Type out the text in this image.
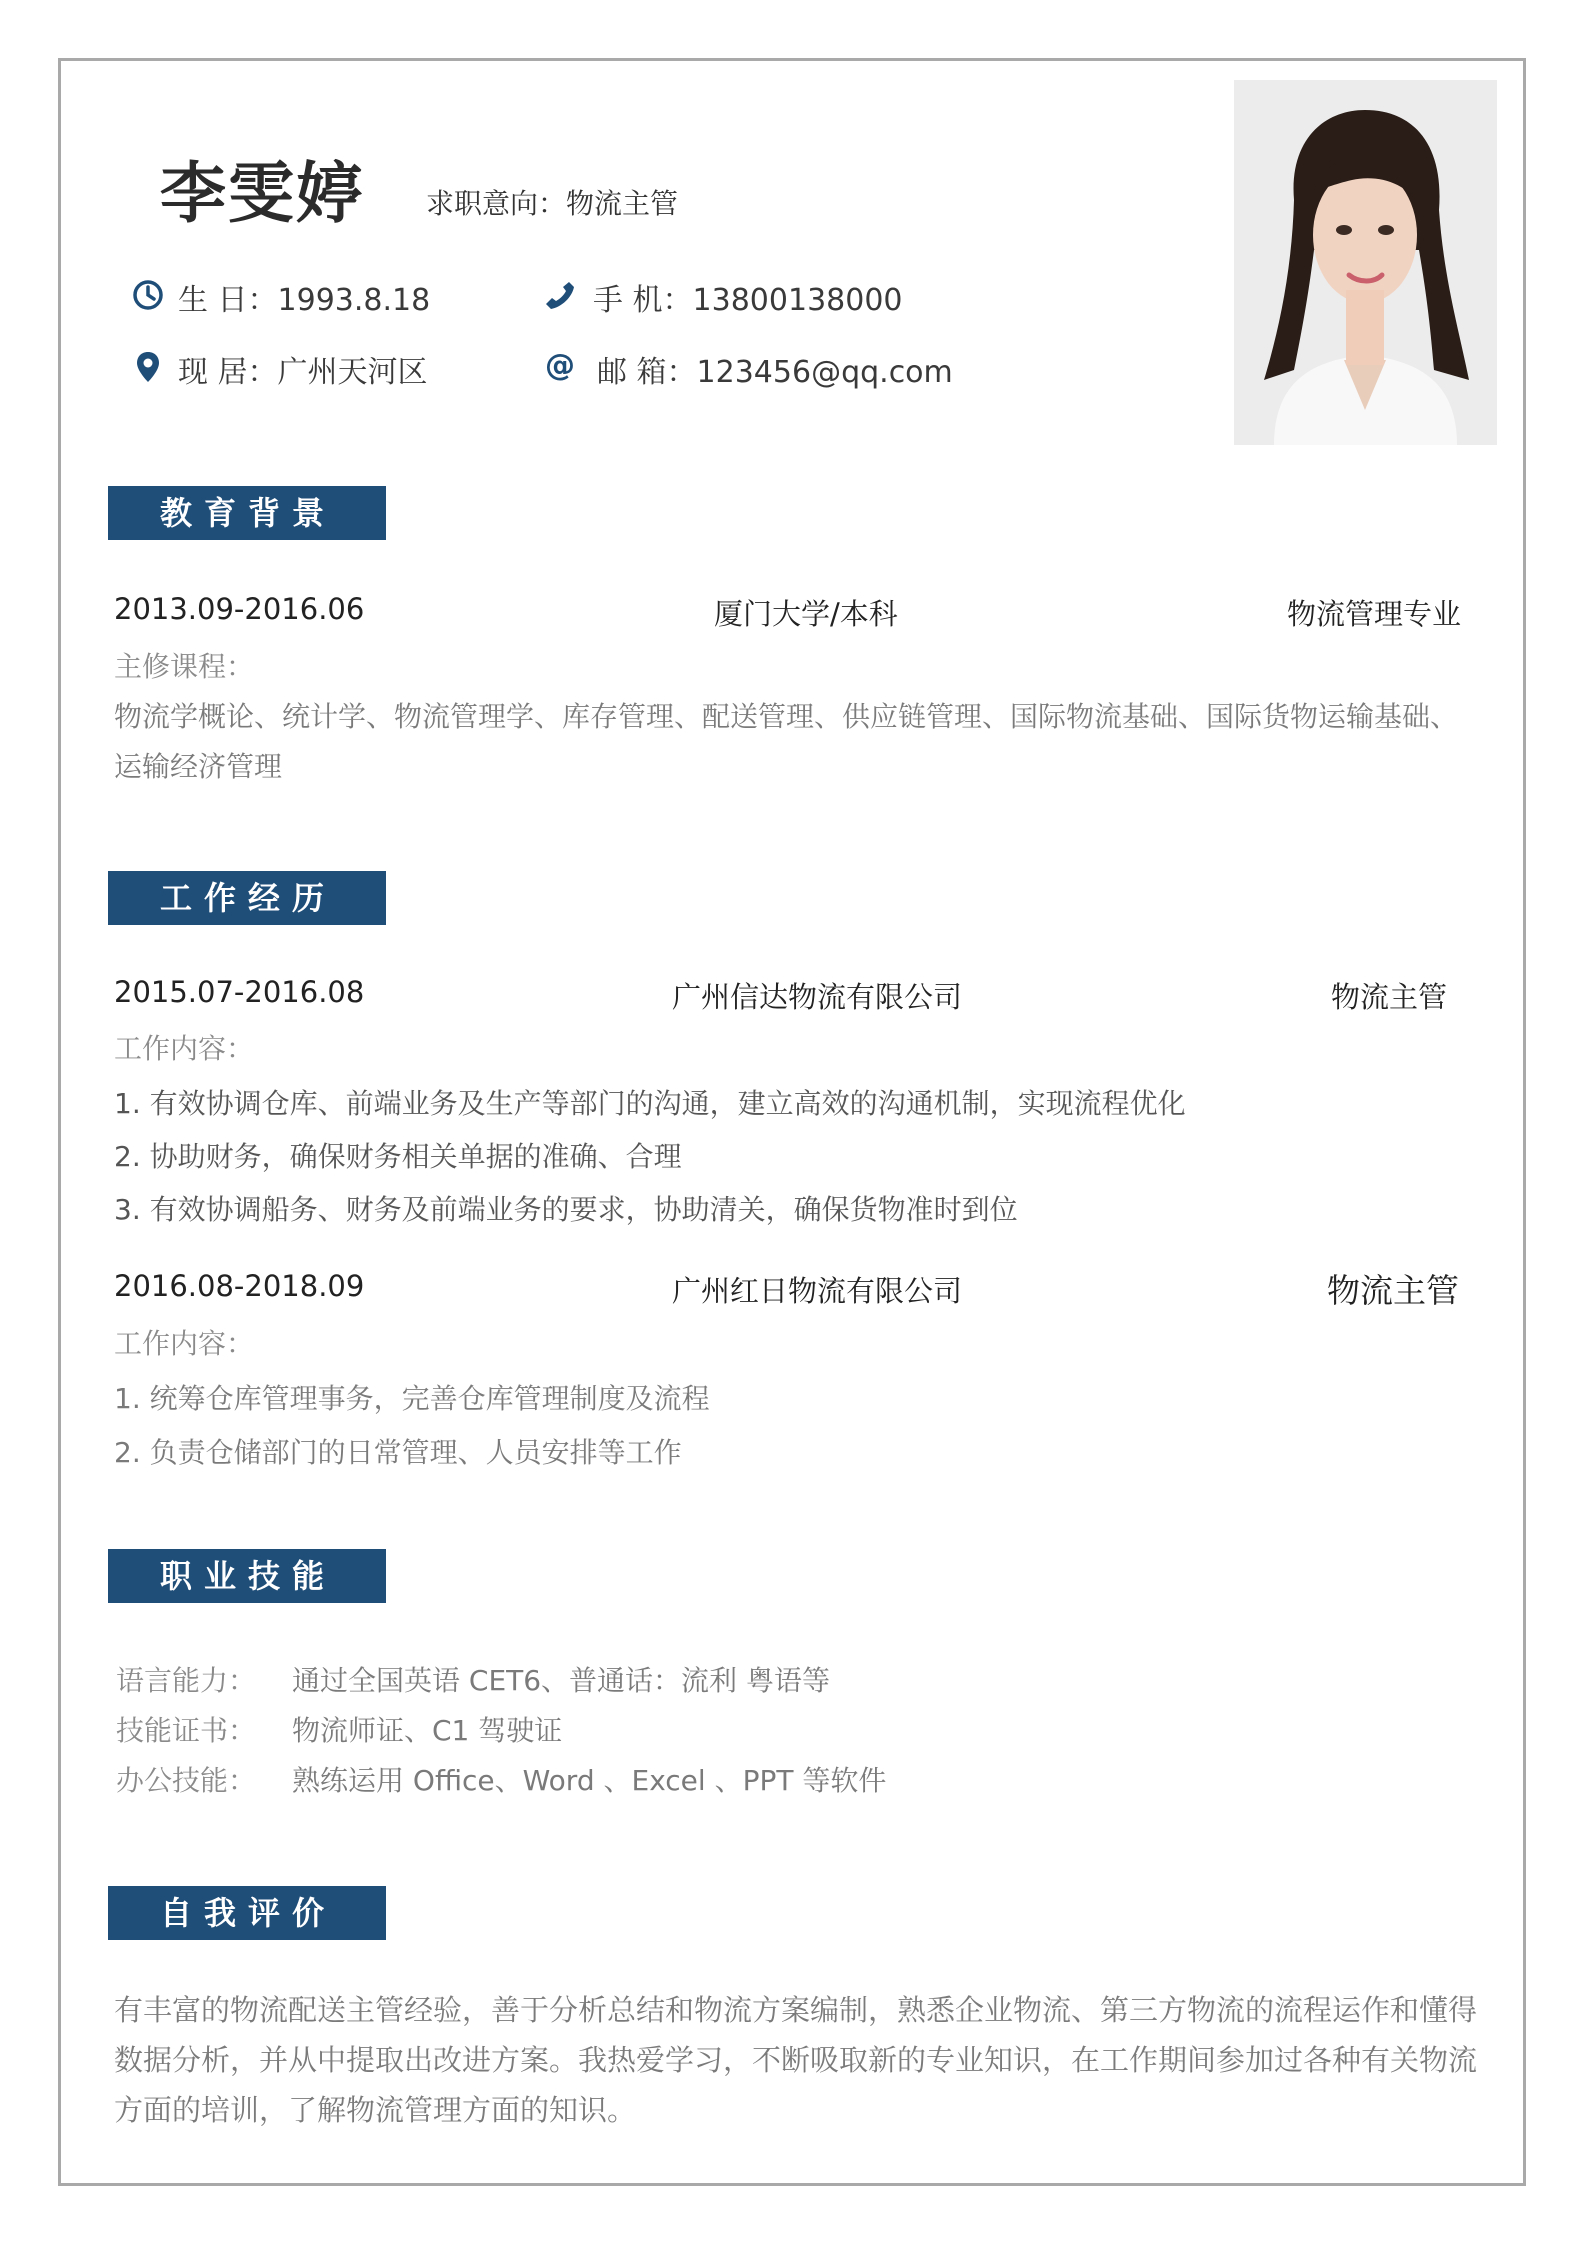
李雯婷 求职意向：物流主管
生 日：1993.8.18	手 机：13800138000
现 居：广州天河区	@ 邮 箱：123456@qq.com
教育背景
2013.09-2016.06	厦门大学/本科	物流管理专业
主修课程：
物流学概论、统计学、物流管理学、库存管理、配送管理、供应链管理、国际物流基础、国际货物运输基础、
运输经济管理
工作经历
2015.07-2016.08	广州信达物流有限公司	物流主管
工作内容：
1. 有效协调仓库、前端业务及生产等部门的沟通，建立高效的沟通机制，实现流程优化
2. 协助财务，确保财务相关单据的准确、合理
3. 有效协调船务、财务及前端业务的要求，协助清关，确保货物准时到位
2016.08-2018.09	广州红日物流有限公司	物流主管
工作内容：
1. 统筹仓库管理事务，完善仓库管理制度及流程
2. 负责仓储部门的日常管理、人员安排等工作
职业技能
语言能力： 通过全国英语 CET6、普通话：流利 粤语等
技能证书： 物流师证、C1 驾驶证
办公技能： 熟练运用 Office、Word 、Excel 、PPT 等软件
自我评价
有丰富的物流配送主管经验，善于分析总结和物流方案编制，熟悉企业物流、第三方物流的流程运作和懂得数据分析，并从中提取出改进方案。我热爱学习，不断吸取新的专业知识，在工作期间参加过各种有关物流方面的培训，了解物流管理方面的知识。
